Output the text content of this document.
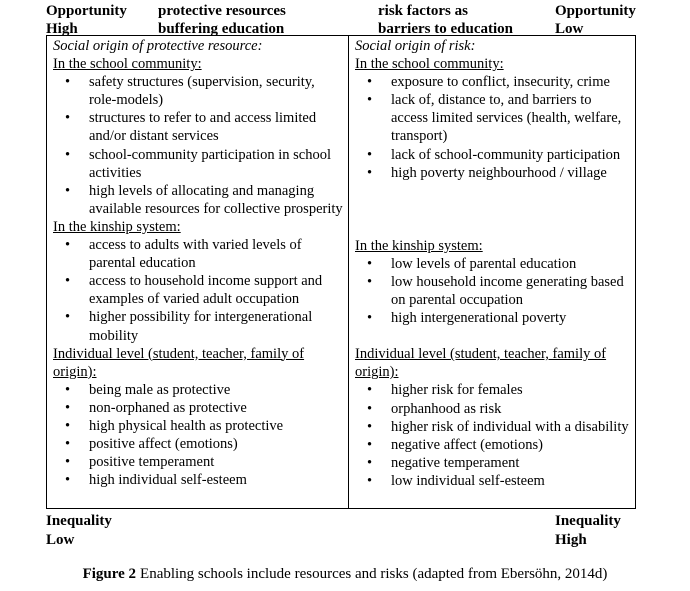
Opportunity
High
protective resources
buffering education
risk factors as
barriers to education
Opportunity
Low
Social origin of protective resource:
In the school community:
• safety structures (supervision, security, role-models)
• structures to refer to and access limited and/or distant services
• school-community participation in school activities
• high levels of allocating and managing available resources for collective prosperity
In the kinship system:
• access to adults with varied levels of parental education
• access to household income support and examples of varied adult occupation
• higher possibility for intergenerational mobility
Individual level (student, teacher, family of origin):
• being male as protective
• non-orphaned as protective
• high physical health as protective
• positive affect (emotions)
• positive temperament
• high individual self-esteem
Social origin of risk:
In the school community:
• exposure to conflict, insecurity, crime
• lack of, distance to, and barriers to access limited services (health, welfare, transport)
• lack of school-community participation
• high poverty neighbourhood / village
In the kinship system:
• low levels of parental education
• low household income generating based on parental occupation
• high intergenerational poverty
Individual level (student, teacher, family of origin):
• higher risk for females
• orphanhood as risk
• higher risk of individual with a disability
• negative affect (emotions)
• negative temperament
• low individual self-esteem
Inequality
Low
Inequality
High
Figure 2 Enabling schools include resources and risks (adapted from Ebersöhn, 2014d)
